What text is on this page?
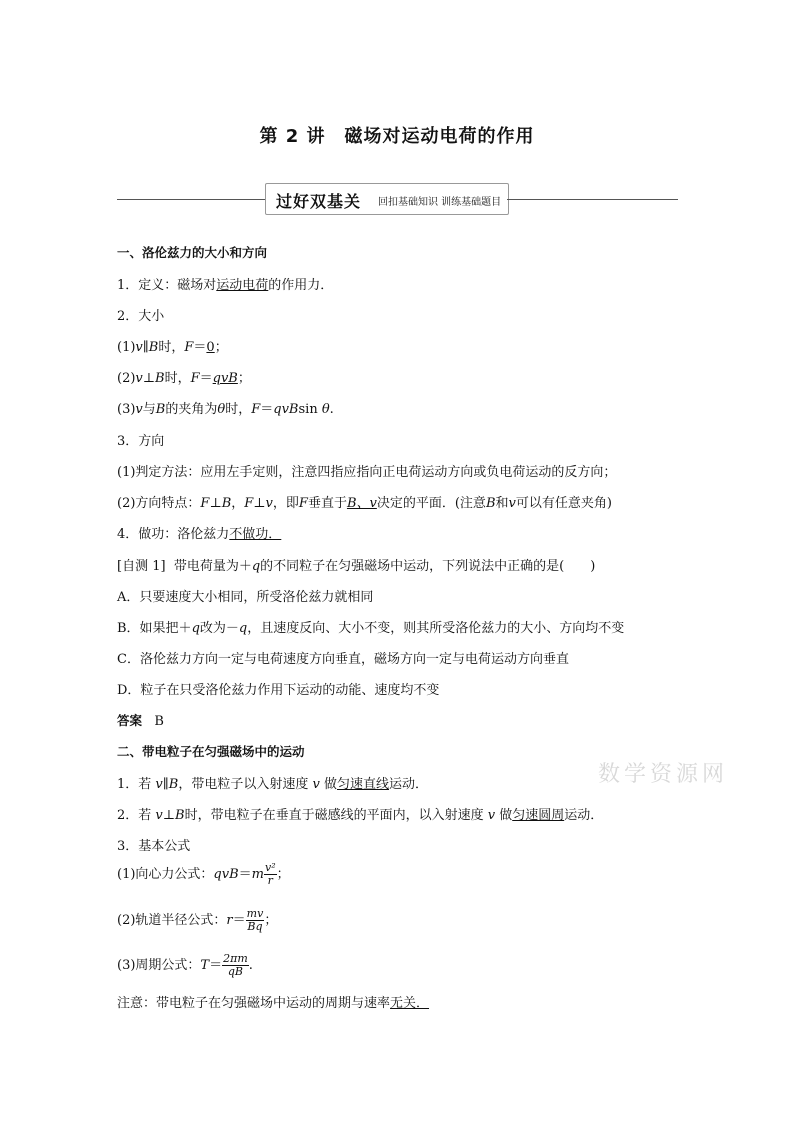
第 2 讲　磁场对运动电荷的作用
过好双基关 回扣基础知识 训练基础题目
一、洛伦兹力的大小和方向
1．定义：磁场对运动电荷的作用力．
2．大小
(1)v∥B时，F＝0；
(2)v⊥B时，F＝qvB；
(3)v与B的夹角为θ时，F＝qvBsin θ.
3．方向
(1)判定方法：应用左手定则，注意四指应指向正电荷运动方向或负电荷运动的反方向；
(2)方向特点：F⊥B，F⊥v，即F垂直于B、v决定的平面．(注意B和v可以有任意夹角)
4．做功：洛伦兹力不做功．
[自测 1] 带电荷量为＋q的不同粒子在匀强磁场中运动，下列说法中正确的是(　　)
A．只要速度大小相同，所受洛伦兹力就相同
B．如果把＋q改为－q，且速度反向、大小不变，则其所受洛伦兹力的大小、方向均不变
C．洛伦兹力方向一定与电荷速度方向垂直，磁场方向一定与电荷运动方向垂直
D．粒子在只受洛伦兹力作用下运动的动能、速度均不变
答案 B
二、带电粒子在匀强磁场中的运动
1．若 v∥B，带电粒子以入射速度 v 做匀速直线运动．
2．若 v⊥B时，带电粒子在垂直于磁感线的平面内，以入射速度 v 做匀速圆周运动．
3．基本公式
(1)向心力公式：$qvB=m \frac{\text{v²}}{r}$ ；
(2)轨道半径公式：$r= \frac{mv}{Bq}$ ；
(3)周期公式：$T= \frac{2\pi m}{qB}$ .
注意：带电粒子在匀强磁场中运动的周期与速率无关．
数学资源网
